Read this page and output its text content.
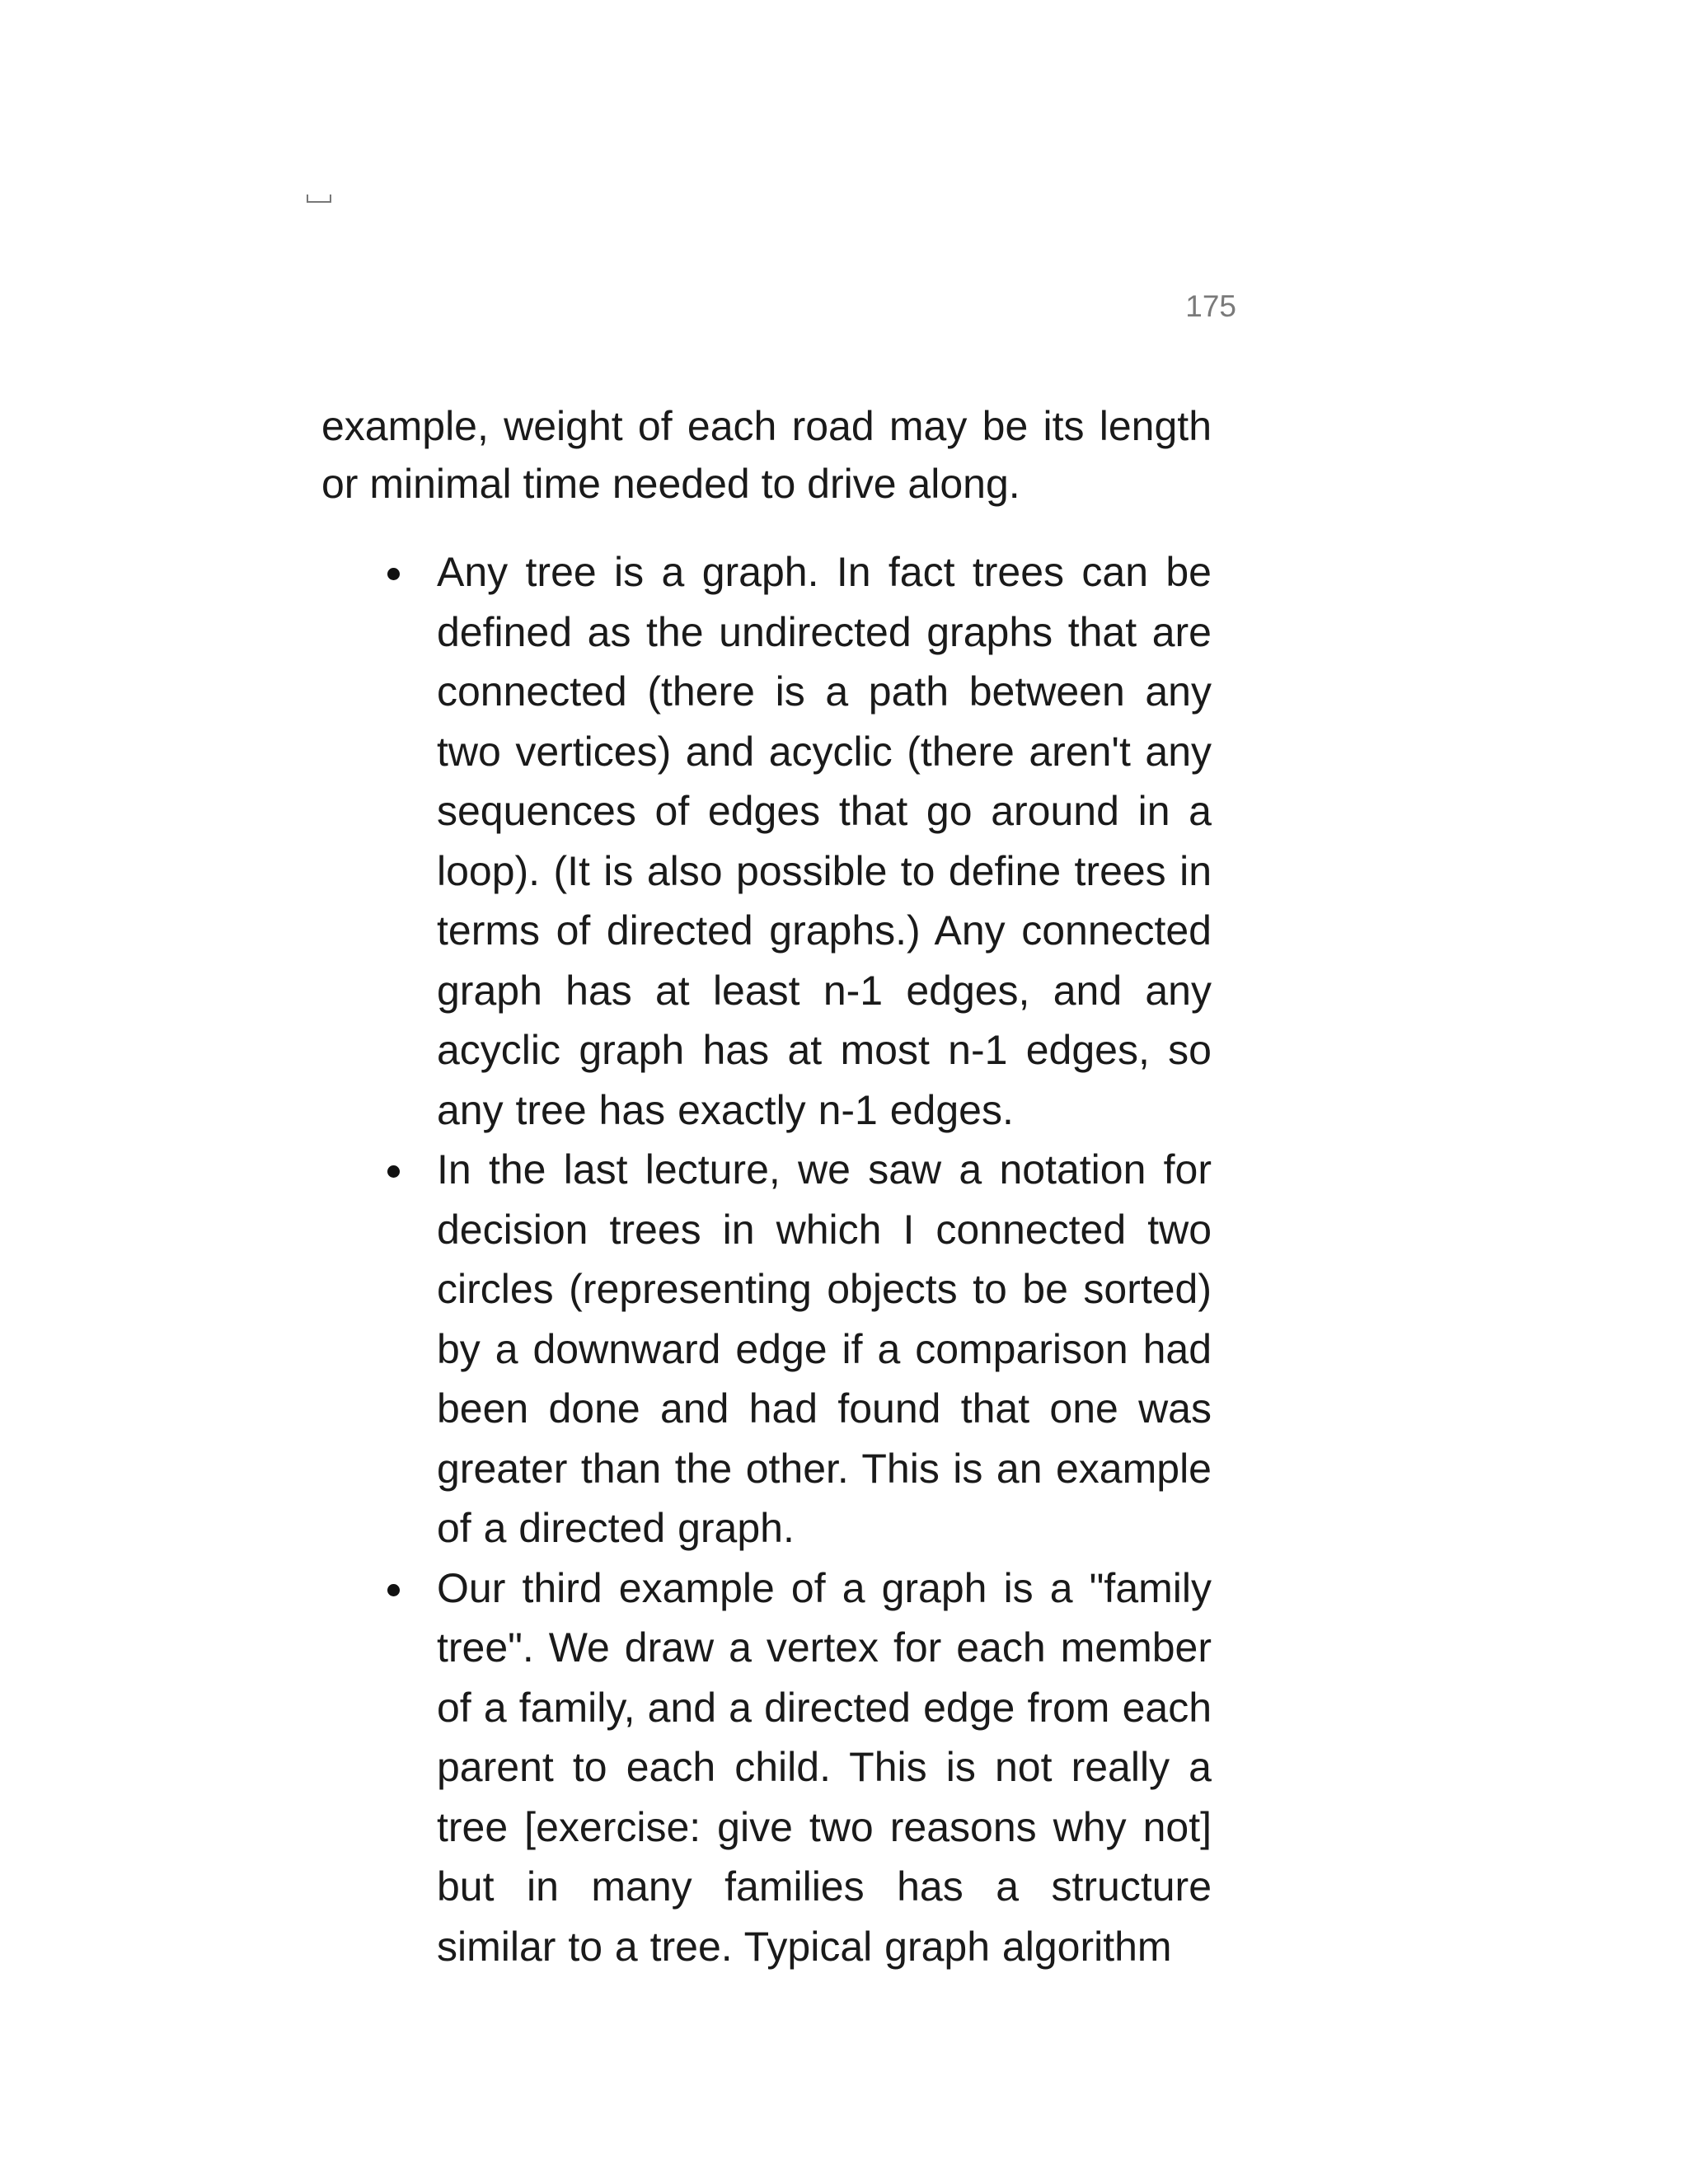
175

example, weight of each road may be its length or minimal time needed to drive along.

Any tree is a graph. In fact trees can be defined as the undirected graphs that are connected (there is a path between any two vertices) and acyclic (there aren't any sequences of edges that go around in a loop). (It is also possible to define trees in terms of directed graphs.) Any connected graph has at least n-1 edges, and any acyclic graph has at most n-1 edges, so any tree has exactly n-1 edges.
In the last lecture, we saw a notation for decision trees in which I connected two circles (representing objects to be sorted) by a downward edge if a comparison had been done and had found that one was greater than the other. This is an example of a directed graph.
Our third example of a graph is a "family tree". We draw a vertex for each member of a family, and a directed edge from each parent to each child. This is not really a tree [exercise: give two reasons why not] but in many families has a structure similar to a tree. Typical graph algorithm
